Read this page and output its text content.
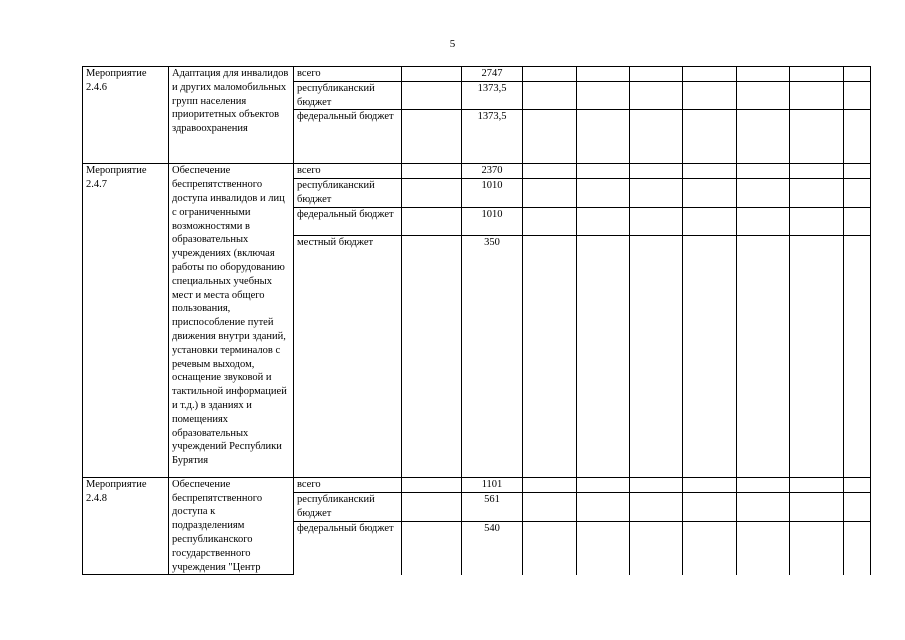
5
Мероприятие 2.4.6	Адаптация для инвалидов и других маломобильных групп населения приоритетных объектов здравоохранения	всего		2747							
		республиканский бюджет		1373,5							
		федеральный бюджет		1373,5							
Мероприятие 2.4.7	Обеспечение беспрепятственного доступа инвалидов и лиц с ограниченными возможностями в образовательных учреждениях (включая работы по оборудованию специальных учебных мест и места общего пользования, приспособление путей движения внутри зданий, установки терминалов с речевым выходом, оснащение звуковой и тактильной информацией и т.д.) в зданиях и помещениях образовательных учреждений Республики Бурятия	всего		2370							
		республиканский бюджет		1010							
		федеральный бюджет		1010							
		местный бюджет		350							
Мероприятие 2.4.8	Обеспечение беспрепятственного доступа к подразделениям республиканского государственного учреждения "Центр	всего		1101							
		республиканский бюджет		561							
		федеральный бюджет		540							
